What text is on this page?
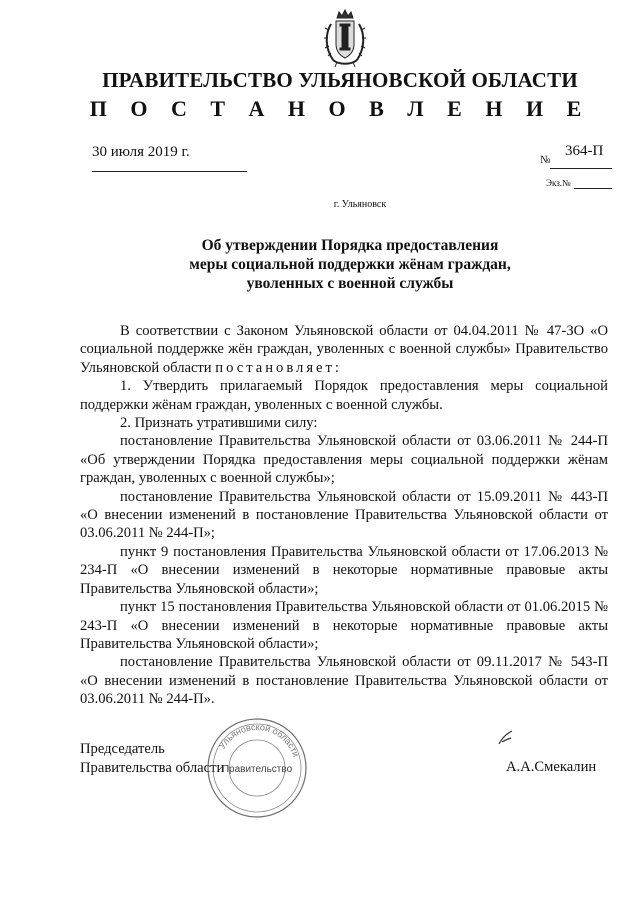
ПРАВИТЕЛЬСТВО УЛЬЯНОВСКОЙ ОБЛАСТИ
П О С Т А Н О В Л Е Н И Е
30 июля 2019 г.	№
364-П
Экз.№
г. Ульяновск
Об утверждении Порядка предоставления
меры социальной поддержки жёнам граждан,
уволенных с военной службы

В соответствии с Законом Ульяновской области от 04.04.2011 № 47-ЗО «О социальной поддержке жён граждан, уволенных с военной службы» Правительство Ульяновской области постановляет:

1. Утвердить прилагаемый Порядок предоставления меры социальной поддержки жёнам граждан, уволенных с военной службы.

2. Признать утратившими силу:

постановление Правительства Ульяновской области от 03.06.2011 № 244-П «Об утверждении Порядка предоставления меры социальной поддержки жёнам граждан, уволенных с военной службы»;

постановление Правительства Ульяновской области от 15.09.2011 № 443-П «О внесении изменений в постановление Правительства Ульяновской области от 03.06.2011 № 244-П»;

пункт 9 постановления Правительства Ульяновской области от 17.06.2013 № 234-П «О внесении изменений в некоторые нормативные правовые акты Правительства Ульяновской области»;

пункт 15 постановления Правительства Ульяновской области от 01.06.2015 № 243-П «О внесении изменений в некоторые нормативные правовые акты Правительства Ульяновской области»;

постановление Правительства Ульяновской области от 09.11.2017 № 543-П «О внесении изменений в постановление Правительства Ульяновской области от 03.06.2011 № 244-П».

Председатель
Правительства области
Ульяновской области
Правительство	А.А.Смекалин
